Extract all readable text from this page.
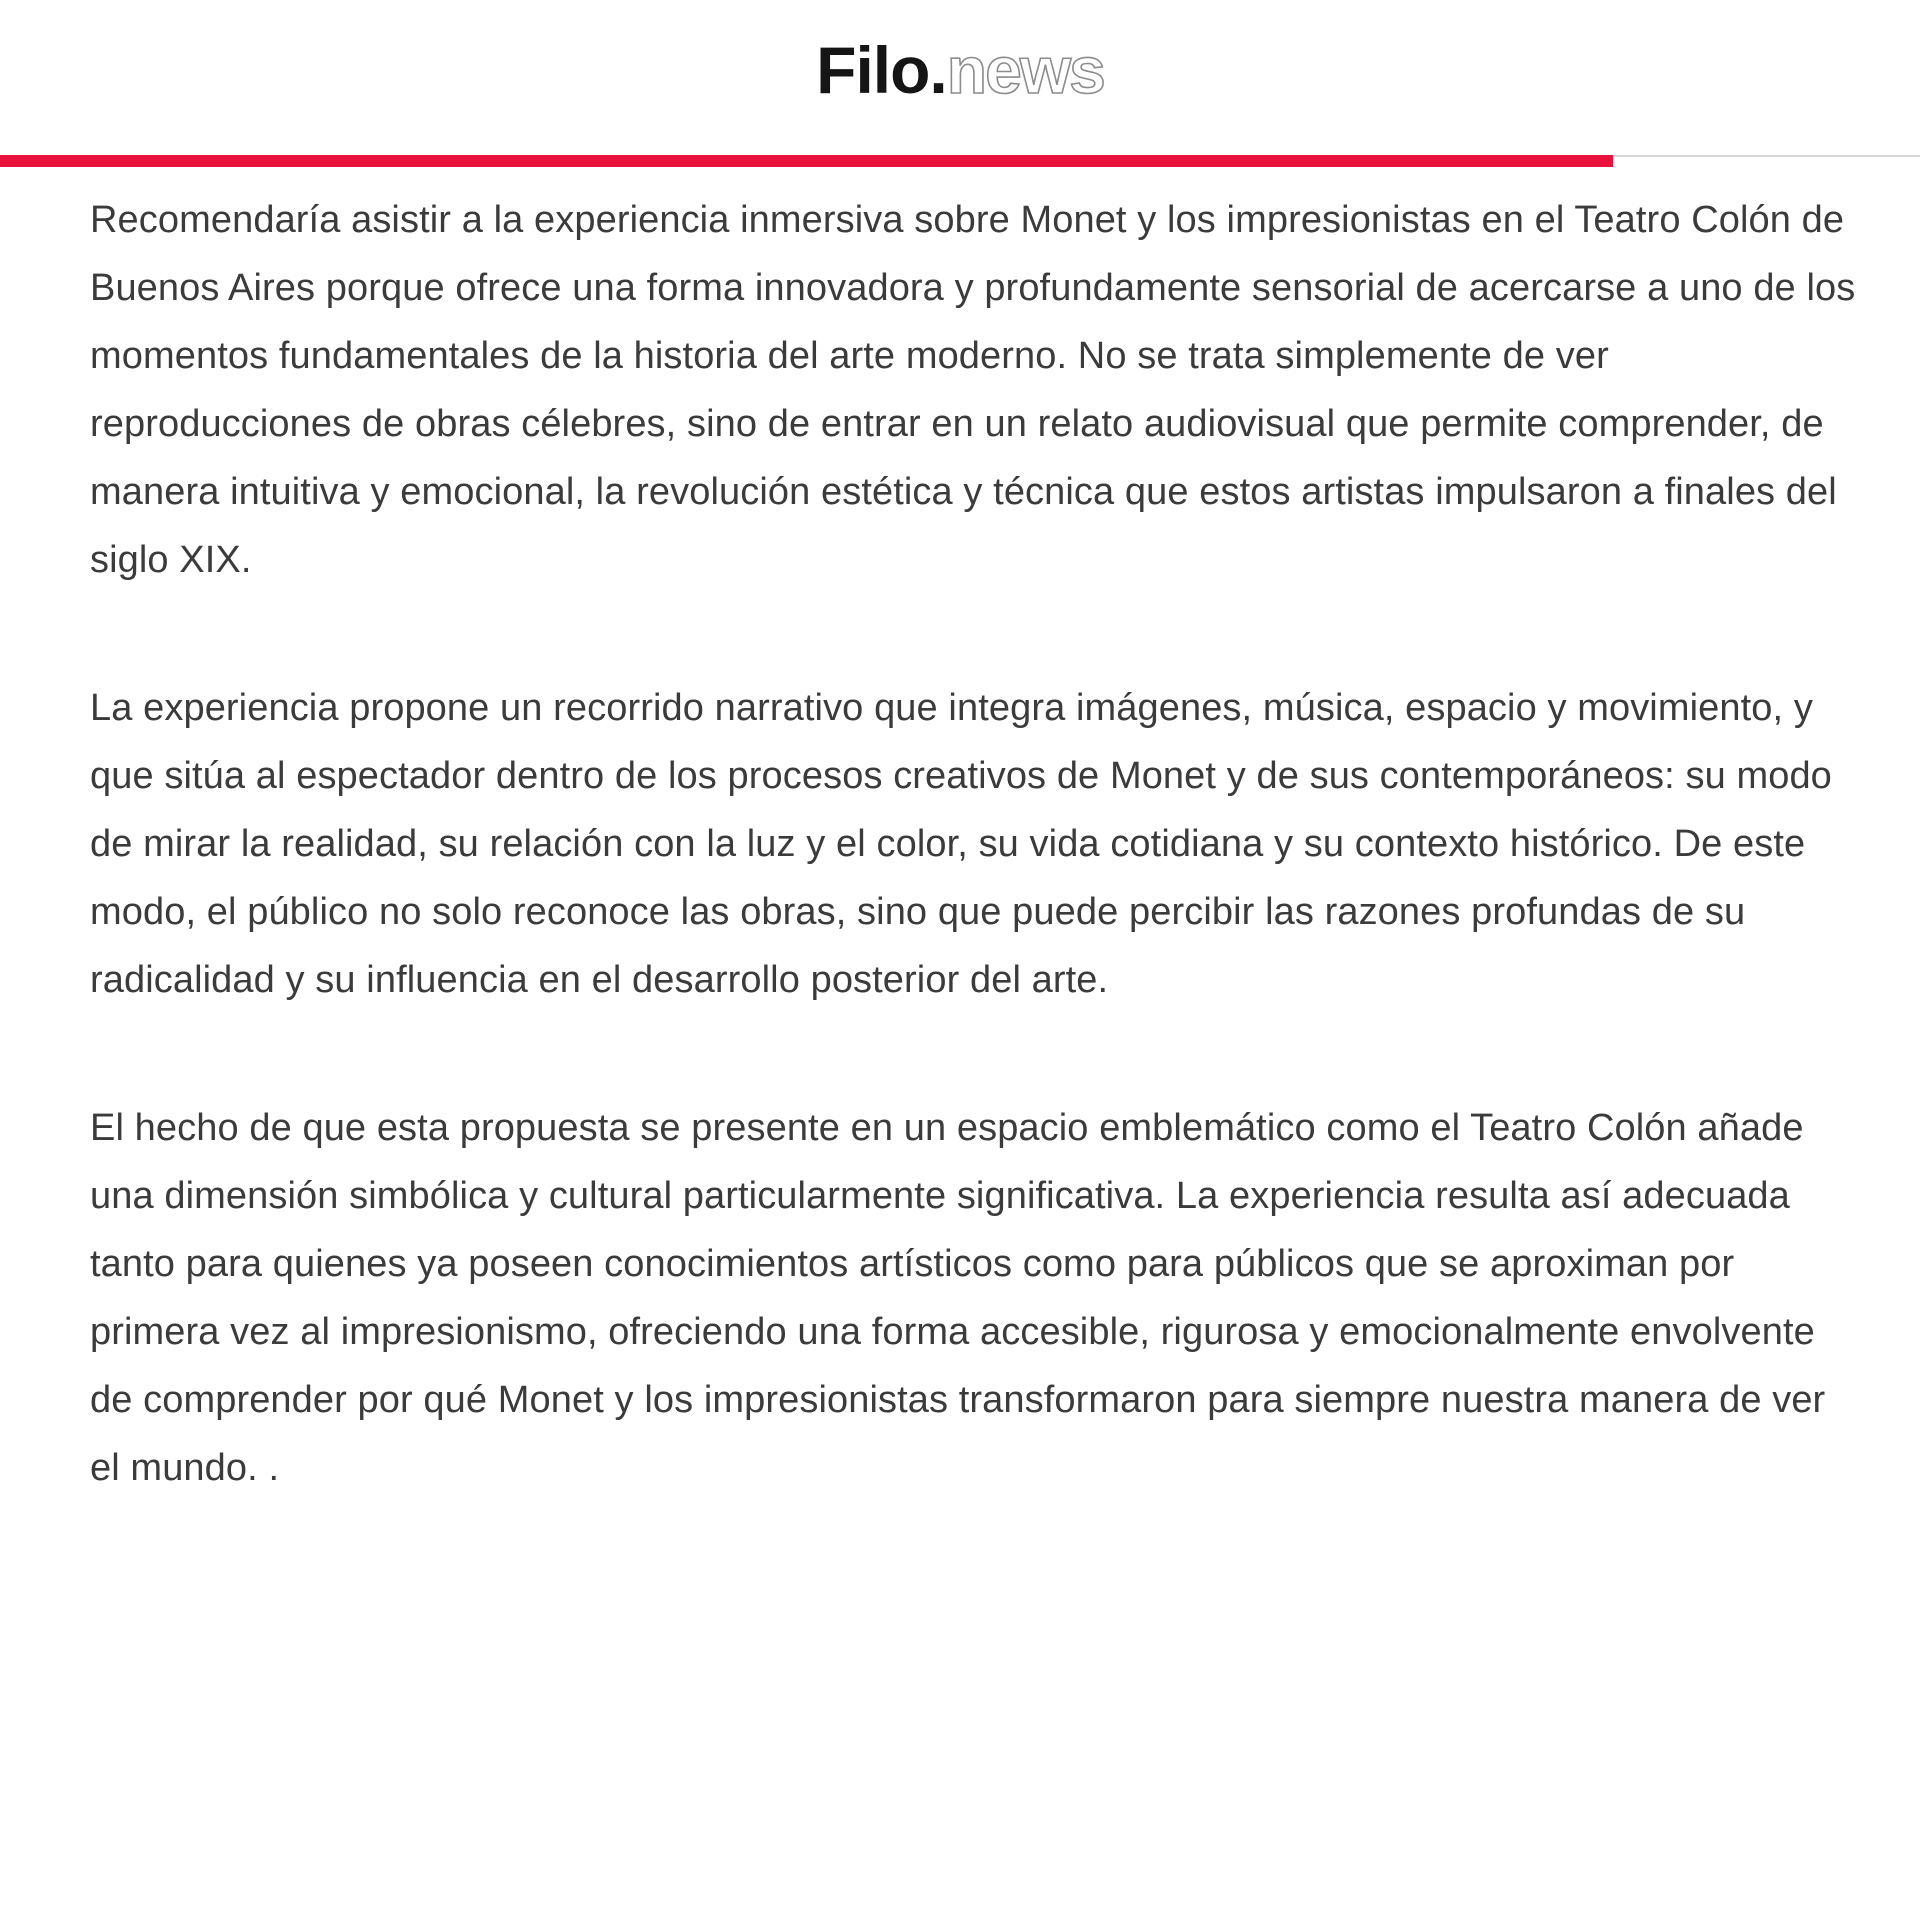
Filo.news

Recomendaría asistir a la experiencia inmersiva sobre Monet y los impresionistas en el Teatro Colón de Buenos Aires porque ofrece una forma innovadora y profundamente sensorial de acercarse a uno de los momentos fundamentales de la historia del arte moderno. No se trata simplemente de ver reproducciones de obras célebres, sino de entrar en un relato audiovisual que permite comprender, de manera intuitiva y emocional, la revolución estética y técnica que estos artistas impulsaron a finales del siglo XIX.

La experiencia propone un recorrido narrativo que integra imágenes, música, espacio y movimiento, y que sitúa al espectador dentro de los procesos creativos de Monet y de sus contemporáneos: su modo de mirar la realidad, su relación con la luz y el color, su vida cotidiana y su contexto histórico. De este modo, el público no solo reconoce las obras, sino que puede percibir las razones profundas de su radicalidad y su influencia en el desarrollo posterior del arte.

El hecho de que esta propuesta se presente en un espacio emblemático como el Teatro Colón añade una dimensión simbólica y cultural particularmente significativa. La experiencia resulta así adecuada tanto para quienes ya poseen conocimientos artísticos como para públicos que se aproximan por primera vez al impresionismo, ofreciendo una forma accesible, rigurosa y emocionalmente envolvente de comprender por qué Monet y los impresionistas transformaron para siempre nuestra manera de ver el mundo. .
